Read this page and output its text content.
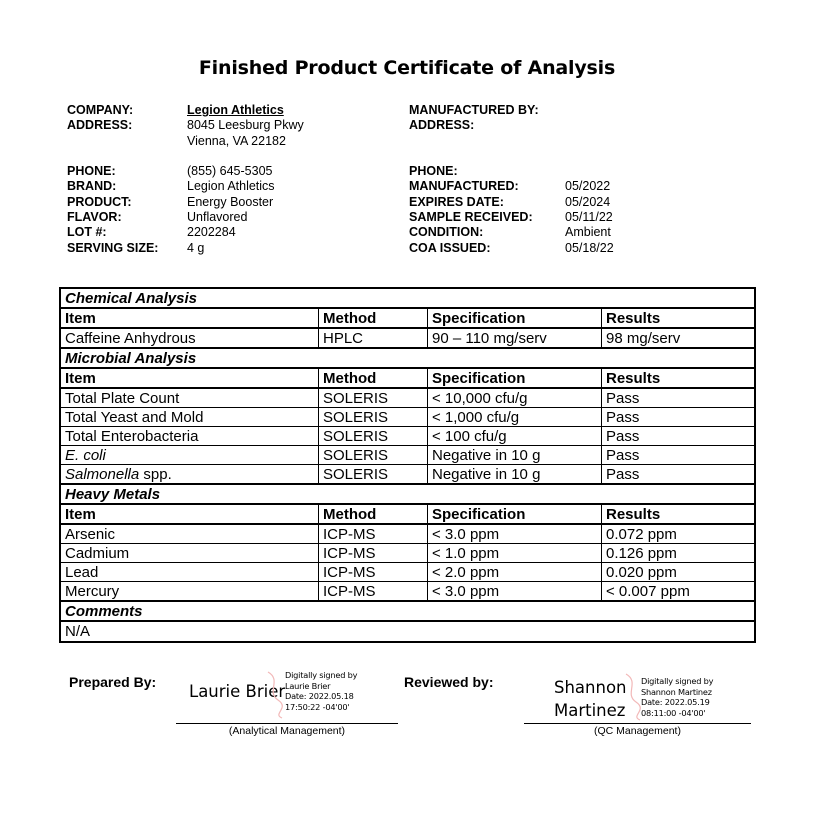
Finished Product Certificate of Analysis
COMPANY:	Legion Athletics
ADDRESS:	8045 Leesburg Pkwy
Vienna, VA 22182
PHONE:	(855) 645-5305
BRAND:	Legion Athletics
PRODUCT:	Energy Booster
FLAVOR:	Unflavored
LOT #:	2202284
SERVING SIZE: 4 g
MANUFACTURED BY:
ADDRESS:
PHONE:
MANUFACTURED:	05/2022
EXPIRES DATE:	05/2024
SAMPLE RECEIVED:	05/11/22
CONDITION:	Ambient
COA ISSUED:	05/18/22
Chemical Analysis			
Item	Method	Specification	Results
Caffeine Anhydrous	HPLC	90 – 110 mg/serv	98 mg/serv
Microbial Analysis			
Item	Method	Specification	Results
Total Plate Count	SOLERIS	< 10,000 cfu/g	Pass
Total Yeast and Mold	SOLERIS	< 1,000 cfu/g	Pass
Total Enterobacteria	SOLERIS	< 100 cfu/g	Pass
E. coli	SOLERIS	Negative in 10 g	Pass
Salmonella spp.	SOLERIS	Negative in 10 g	Pass
Heavy Metals			
Item	Method	Specification	Results
Arsenic	ICP-MS	< 3.0 ppm	0.072 ppm
Cadmium	ICP-MS	< 1.0 ppm	0.126 ppm
Lead	ICP-MS	< 2.0 ppm	0.020 ppm
Mercury	ICP-MS	< 3.0 ppm	< 0.007 ppm
Comments			
N/A			
Prepared By: Laurie Brier
Digitally signed by
Laurie Brier
Date: 2022.05.18
17:50:22 -04'00'
(Analytical Management)
Reviewed by:	Shannon
Martinez
Digitally signed by
Shannon Martinez
Date: 2022.05.19
08:11:00 -04'00'
(QC Management)
